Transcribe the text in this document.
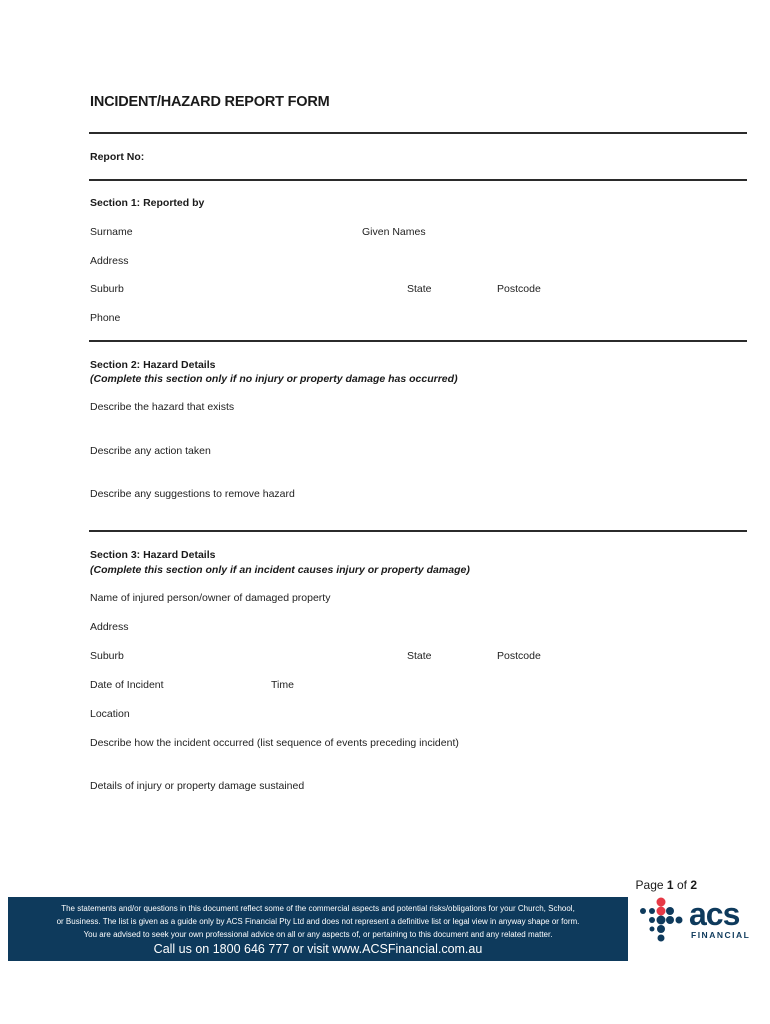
INCIDENT/HAZARD REPORT FORM
Report No:
Section 1: Reported by
Surname	Given Names
Address
Suburb	State	Postcode
Phone
Section 2: Hazard Details
(Complete this section only if no injury or property damage has occurred)
Describe the hazard that exists
Describe any action taken
Describe any suggestions to remove hazard
Section 3: Hazard Details
(Complete this section only if an incident causes injury or property damage)
Name of injured person/owner of damaged property
Address
Suburb	State	Postcode
Date of Incident	Time
Location
Describe how the incident occurred (list sequence of events preceding incident)
Details of injury or property damage sustained
Page 1 of 2
The statements and/or questions in this document reflect some of the commercial aspects and potential risks/obligations for your Church, School,
or Business. The list is given as a guide only by ACS Financial Pty Ltd and does not represent a definitive list or legal view in anyway shape or form.
You are advised to seek your own professional advice on all or any aspects of, or pertaining to this document and any related matter.
Call us on 1800 646 777 or visit www.ACSFinancial.com.au
acs
FINANCIAL
